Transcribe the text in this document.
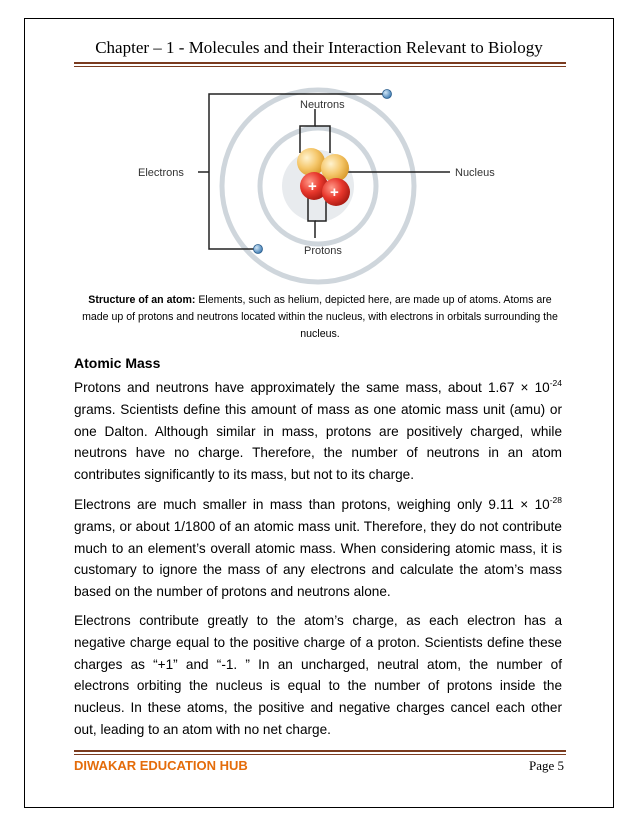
Chapter – 1 - Molecules and their Interaction Relevant to Biology
+ +
Neutrons
Electrons	Nucleus
Protons
Structure of an atom: Elements, such as helium, depicted here, are made up of atoms. Atoms are made up of protons and neutrons located within the nucleus, with electrons in orbitals surrounding the nucleus.
Atomic Mass
Protons and neutrons have approximately the same mass, about $1.67 \times 10^{-24}$ grams. Scientists define this amount of mass as one atomic mass unit (amu) or one Dalton. Although similar in mass, protons are positively charged, while neutrons have no charge. Therefore, the number of neutrons in an atom contributes significantly to its mass, but not to its charge.
Electrons are much smaller in mass than protons, weighing only $9.11 \times 10^{-28}$ grams, or about 1/1800 of an atomic mass unit. Therefore, they do not contribute much to an element’s overall atomic mass. When considering atomic mass, it is customary to ignore the mass of any electrons and calculate the atom’s mass based on the number of protons and neutrons alone.
Electrons contribute greatly to the atom’s charge, as each electron has a negative charge equal to the positive charge of a proton. Scientists define these charges as “+1” and “-1. ” In an uncharged, neutral atom, the number of electrons orbiting the nucleus is equal to the number of protons inside the nucleus. In these atoms, the positive and negative charges cancel each other out, leading to an atom with no net charge.
DIWAKAR EDUCATION HUB	Page 5
